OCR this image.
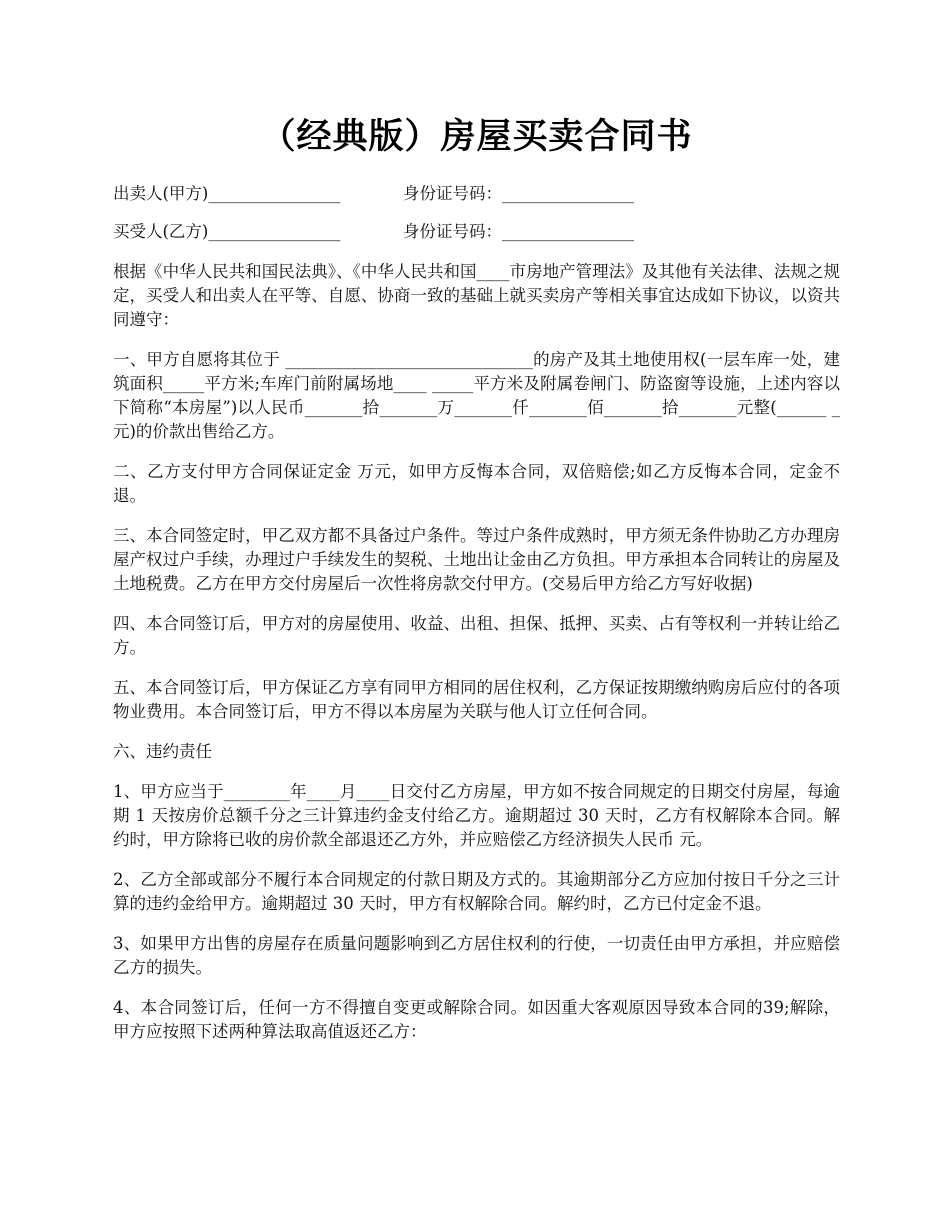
（经典版）房屋买卖合同书
出卖人(甲方)________________	身份证号码：________________
买受人(乙方)________________	身份证号码：________________

根据《中华人民共和国民法典》、《中华人民共和国____市房地产管理法》及其他有关法律、法规之规定，买受人和出卖人在平等、自愿、协商一致的基础上就买卖房产等相关事宜达成如下协议，以资共同遵守：

一、甲方自愿将其位于 ______________________________的房产及其土地使用权(一层车库一处，建筑面积_____平方米;车库门前附属场地____ _____平方米及附属卷闸门、防盗窗等设施，上述内容以下简称“本房屋”)以人民币_______拾_______万_______仟_______佰_______拾_______元整(______ _ 元)的价款出售给乙方。

二、乙方支付甲方合同保证定金 万元，如甲方反悔本合同，双倍赔偿;如乙方反悔本合同，定金不退。

三、本合同签定时，甲乙双方都不具备过户条件。等过户条件成熟时，甲方须无条件协助乙方办理房屋产权过户手续，办理过户手续发生的契税、土地出让金由乙方负担。甲方承担本合同转让的房屋及土地税费。乙方在甲方交付房屋后一次性将房款交付甲方。(交易后甲方给乙方写好收据)

四、本合同签订后，甲方对的房屋使用、收益、出租、担保、抵押、买卖、占有等权利一并转让给乙方。

五、本合同签订后，甲方保证乙方享有同甲方相同的居住权利，乙方保证按期缴纳购房后应付的各项物业费用。本合同签订后，甲方不得以本房屋为关联与他人订立任何合同。

六、违约责任

1、甲方应当于________年____月____日交付乙方房屋，甲方如不按合同规定的日期交付房屋，每逾期 1 天按房价总额千分之三计算违约金支付给乙方。逾期超过 30 天时，乙方有权解除本合同。解约时，甲方除将已收的房价款全部退还乙方外，并应赔偿乙方经济损失人民币 元。

2、乙方全部或部分不履行本合同规定的付款日期及方式的。其逾期部分乙方应加付按日千分之三计算的违约金给甲方。逾期超过 30 天时，甲方有权解除合同。解约时，乙方已付定金不退。

3、如果甲方出售的房屋存在质量问题影响到乙方居住权利的行使，一切责任由甲方承担，并应赔偿乙方的损失。

4、本合同签订后，任何一方不得擅自变更或解除合同。如因重大客观原因导致本合同的39;解除，甲方应按照下述两种算法取高值返还乙方：
